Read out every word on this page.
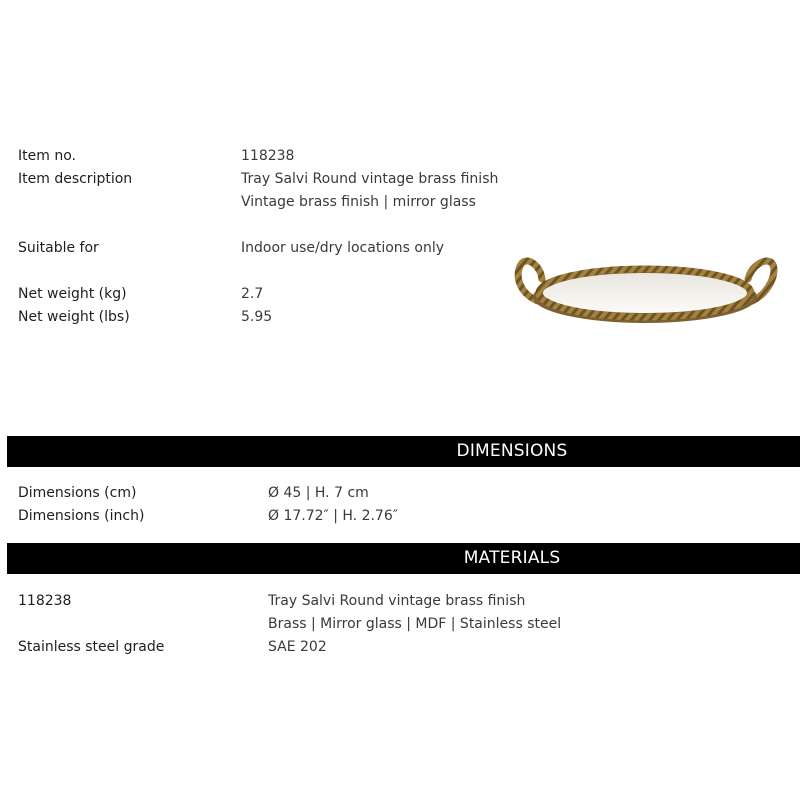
Item no.	118238
Item description	Tray Salvi Round vintage brass finish
Vintage brass finish | mirror glass
Suitable for	Indoor use/dry locations only
Net weight (kg)	2.7
Net weight (lbs)	5.95
DIMENSIONS
Dimensions (cm)	Ø 45 | H. 7 cm
Dimensions (inch)	Ø 17.72″ | H. 2.76″
MATERIALS
118238	Tray Salvi Round vintage brass finish
Brass | Mirror glass | MDF | Stainless steel
Stainless steel grade	SAE 202
